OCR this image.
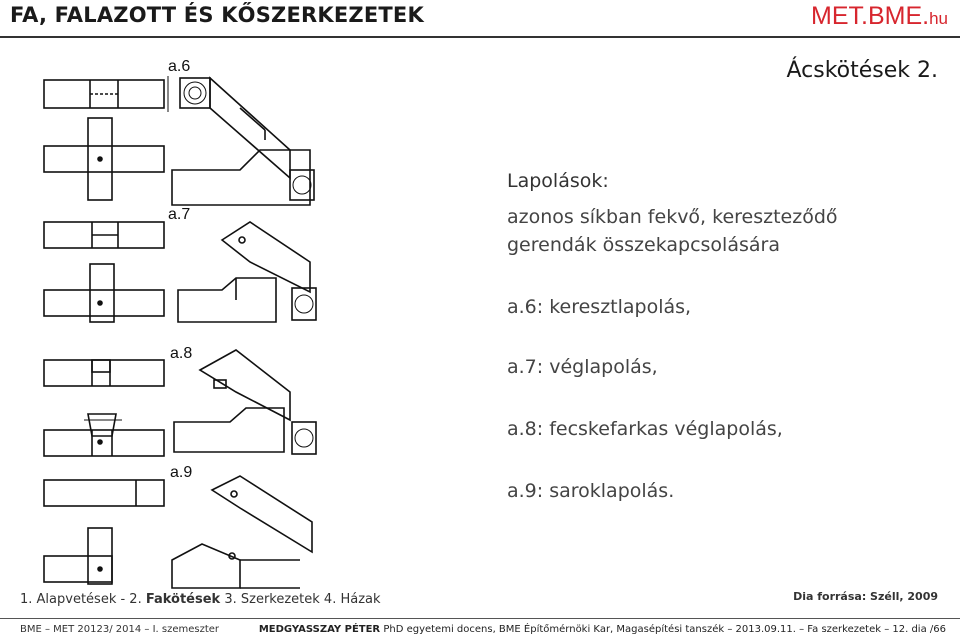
FA, FALAZOTT ÉS KŐSZERKEZETEK	MET.BME.hu
Ácskötések 2.
a.6
a.7
a.8
a.9
Lapolások:
azonos síkban fekvő, kereszteződő
gerendák összekapcsolására
a.6: keresztlapolás,
a.7: véglapolás,
a.8: fecskefarkas véglapolás,
a.9: saroklapolás.
1. Alapvetések - 2. Fakötések 3. Szerkezetek 4. Házak	Dia forrása: Széll, 2009
BME – MET 20123/ 2014 – I. szemeszter	MEDGYASSZAY PÉTER PhD egyetemi docens, BME Építőmérnöki Kar, Magasépítési tanszék – 2013.09.11. – Fa szerkezetek – 12. dia /66
